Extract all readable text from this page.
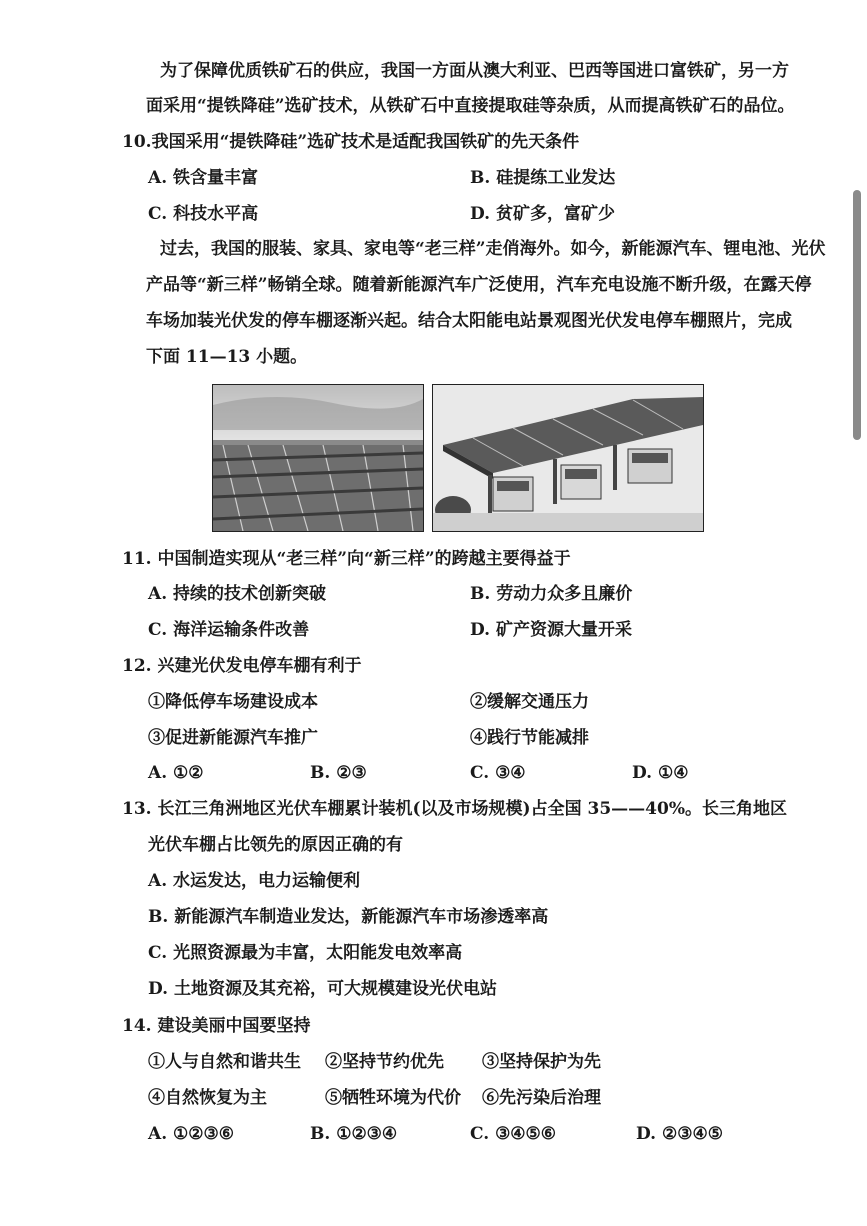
为了保障优质铁矿石的供应，我国一方面从澳大利亚、巴西等国进口富铁矿，另一方
面采用“提铁降硅”选矿技术，从铁矿石中直接提取硅等杂质，从而提高铁矿石的品位。
10.我国采用“提铁降硅”选矿技术是适配我国铁矿的先天条件
A. 铁含量丰富	B. 硅提练工业发达
C. 科技水平高	D. 贫矿多，富矿少
过去，我国的服装、家具、家电等“老三样”走俏海外。如今，新能源汽车、锂电池、光伏
产品等“新三样”畅销全球。随着新能源汽车广泛使用，汽车充电设施不断升级，在露天停
车场加装光伏发的停车棚逐渐兴起。结合太阳能电站景观图光伏发电停车棚照片，完成
下面 11—13 小题。
11. 中国制造实现从“老三样”向“新三样”的跨越主要得益于
A. 持续的技术创新突破	B. 劳动力众多且廉价
C. 海洋运输条件改善	D. 矿产资源大量开采
12. 兴建光伏发电停车棚有利于
①降低停车场建设成本	②缓解交通压力
③促进新能源汽车推广	④践行节能减排
A. ①②	B. ②③	C. ③④	D. ①④
13. 长江三角洲地区光伏车棚累计装机(以及市场规模)占全国 35——40%。长三角地区
光伏车棚占比领先的原因正确的有
A. 水运发达，电力运输便利
B. 新能源汽车制造业发达，新能源汽车市场渗透率高
C. 光照资源最为丰富，太阳能发电效率高
D. 土地资源及其充裕，可大规模建设光伏电站
14. 建设美丽中国要坚持
①人与自然和谐共生 ②坚持节约优先 ③坚持保护为先
④自然恢复为主	⑤牺牲环境为代价 ⑥先污染后治理
A. ①②③⑥	B. ①②③④	C. ③④⑤⑥	D. ②③④⑤
